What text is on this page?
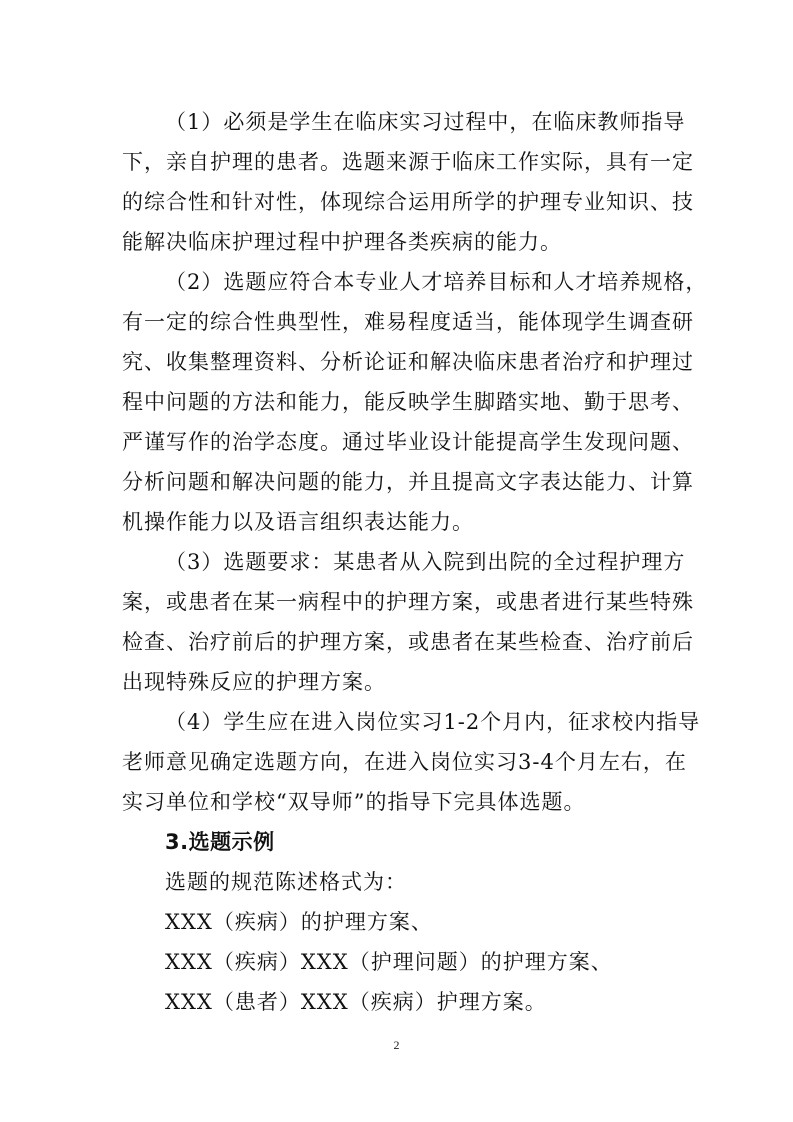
（1）必须是学生在临床实习过程中，在临床教师指导
下，亲自护理的患者。选题来源于临床工作实际，具有一定
的综合性和针对性，体现综合运用所学的护理专业知识、技
能解决临床护理过程中护理各类疾病的能力。
（2）选题应符合本专业人才培养目标和人才培养规格，
有一定的综合性典型性，难易程度适当，能体现学生调查研
究、收集整理资料、分析论证和解决临床患者治疗和护理过
程中问题的方法和能力，能反映学生脚踏实地、勤于思考、
严谨写作的治学态度。通过毕业设计能提高学生发现问题、
分析问题和解决问题的能力，并且提高文字表达能力、计算
机操作能力以及语言组织表达能力。
（3）选题要求：某患者从入院到出院的全过程护理方
案，或患者在某一病程中的护理方案，或患者进行某些特殊
检查、治疗前后的护理方案，或患者在某些检查、治疗前后
出现特殊反应的护理方案。
（4）学生应在进入岗位实习1-2个月内，征求校内指导
老师意见确定选题方向，在进入岗位实习3-4个月左右，在
实习单位和学校“双导师”的指导下完具体选题。
3.选题示例
选题的规范陈述格式为：
XXX（疾病）的护理方案、
XXX（疾病）XXX（护理问题）的护理方案、
XXX（患者）XXX（疾病）护理方案。
2
